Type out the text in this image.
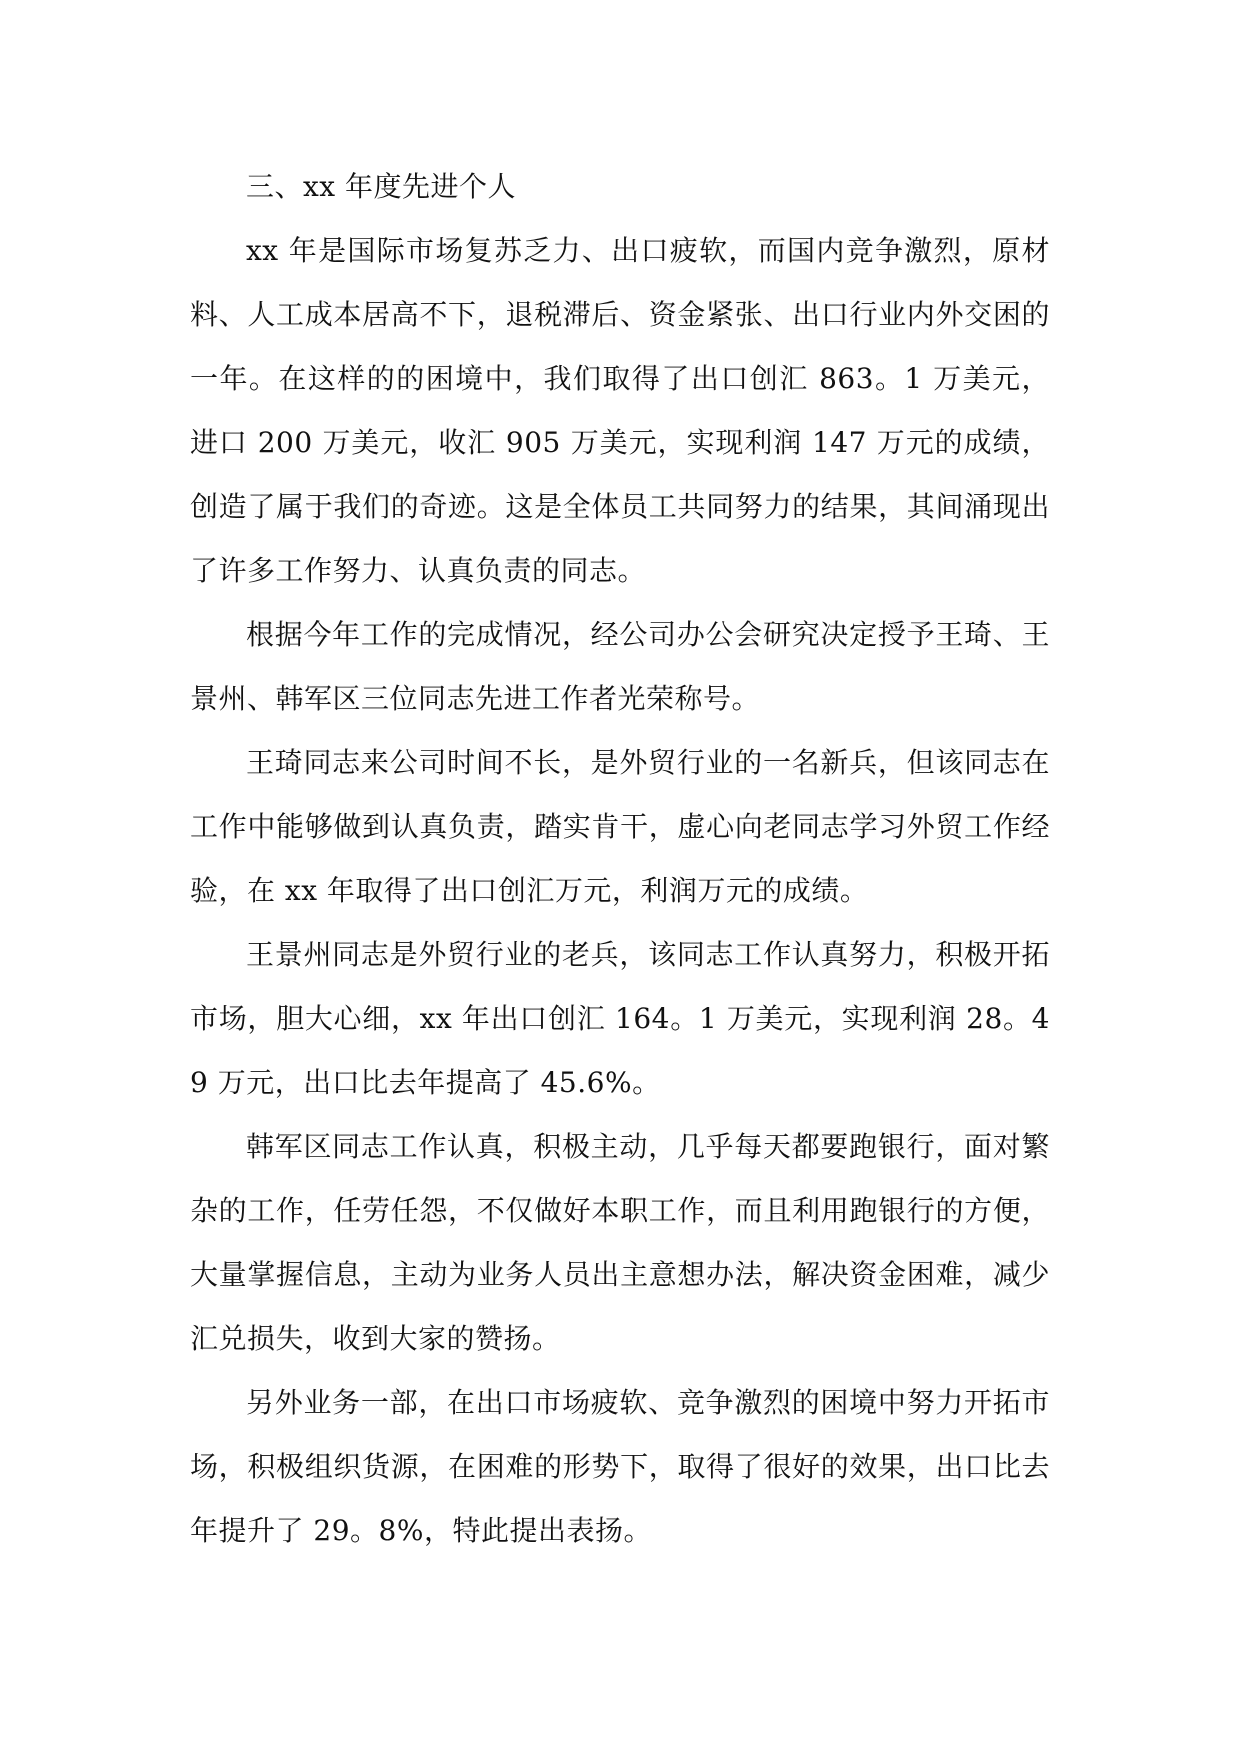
三、xx 年度先进个人

xx 年是国际市场复苏乏力、出口疲软，而国内竞争激烈，原材料、人工成本居高不下，退税滞后、资金紧张、出口行业内外交困的一年。在这样的的困境中，我们取得了出口创汇 863。1 万美元，进口 200 万美元，收汇 905 万美元，实现利润 147 万元的成绩，创造了属于我们的奇迹。这是全体员工共同努力的结果，其间涌现出了许多工作努力、认真负责的同志。

根据今年工作的完成情况，经公司办公会研究决定授予王琦、王景州、韩军区三位同志先进工作者光荣称号。

王琦同志来公司时间不长，是外贸行业的一名新兵，但该同志在工作中能够做到认真负责，踏实肯干，虚心向老同志学习外贸工作经验，在 xx 年取得了出口创汇万元，利润万元的成绩。

王景州同志是外贸行业的老兵，该同志工作认真努力，积极开拓市场，胆大心细，xx 年出口创汇 164。1 万美元，实现利润 28。49 万元，出口比去年提高了 45.6%。

韩军区同志工作认真，积极主动，几乎每天都要跑银行，面对繁杂的工作，任劳任怨，不仅做好本职工作，而且利用跑银行的方便，大量掌握信息，主动为业务人员出主意想办法，解决资金困难，减少汇兑损失，收到大家的赞扬。

另外业务一部，在出口市场疲软、竞争激烈的困境中努力开拓市场，积极组织货源，在困难的形势下，取得了很好的效果，出口比去年提升了 29。8%，特此提出表扬。
